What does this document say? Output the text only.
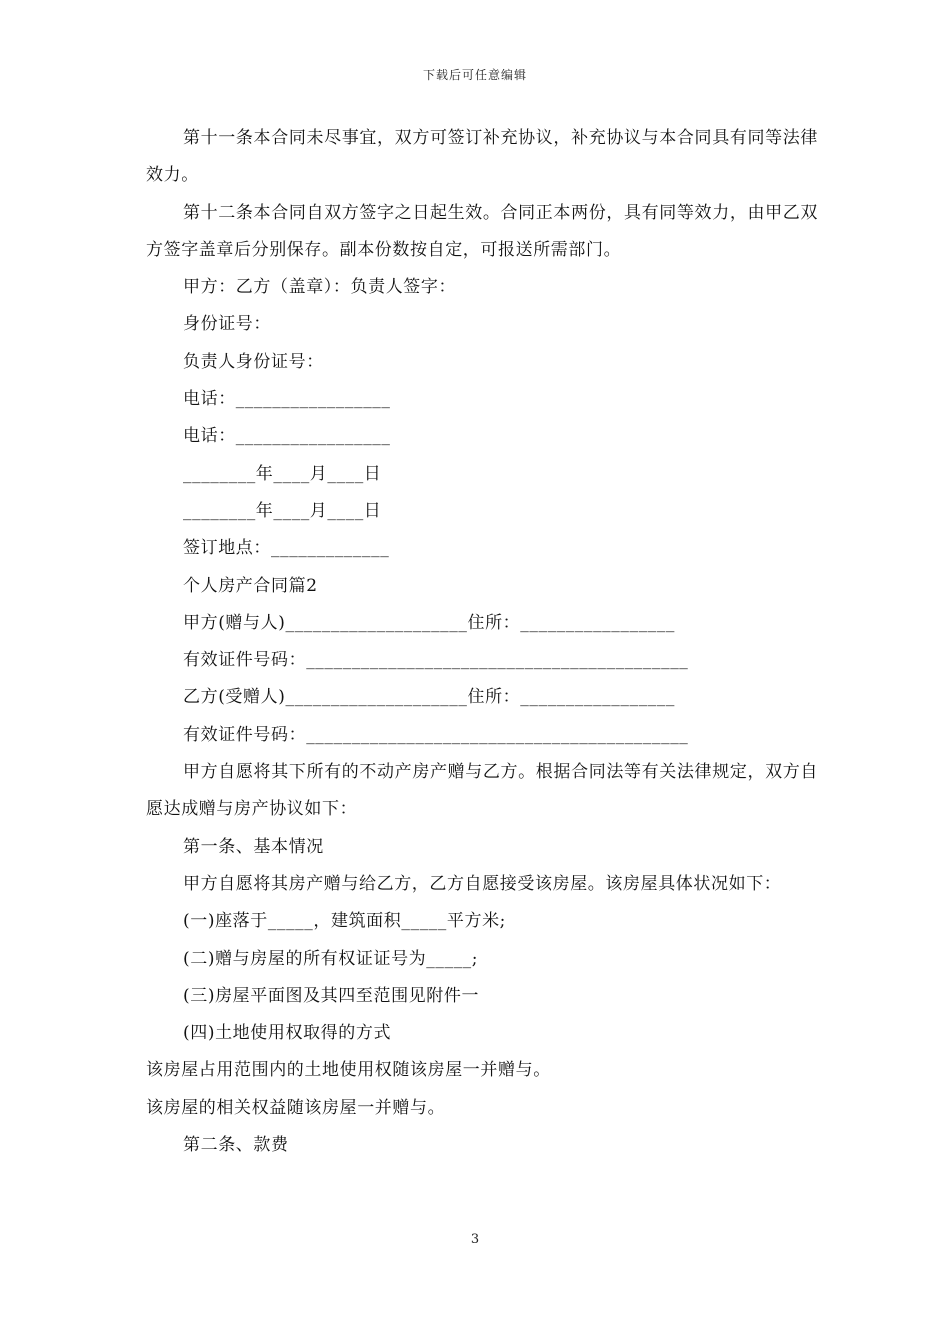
下载后可任意编辑

第十一条本合同未尽事宜，双方可签订补充协议，补充协议与本合同具有同等法律效力。

第十二条本合同自双方签字之日起生效。合同正本两份，具有同等效力，由甲乙双方签字盖章后分别保存。副本份数按自定，可报送所需部门。

甲方：乙方（盖章）：负责人签字：

身份证号：

负责人身份证号：

电话：_________________

电话：_________________

________年____月____日

________年____月____日

签订地点：_____________

个人房产合同篇2

甲方(赠与人)____________________住所：_________________

有效证件号码：__________________________________________

乙方(受赠人)____________________住所：_________________

有效证件号码：__________________________________________

甲方自愿将其下所有的不动产房产赠与乙方。根据合同法等有关法律规定，双方自愿达成赠与房产协议如下：

第一条、基本情况

甲方自愿将其房产赠与给乙方，乙方自愿接受该房屋。该房屋具体状况如下：

(一)座落于_____，建筑面积_____平方米;

(二)赠与房屋的所有权证证号为_____;

(三)房屋平面图及其四至范围见附件一

(四)土地使用权取得的方式

该房屋占用范围内的土地使用权随该房屋一并赠与。

该房屋的相关权益随该房屋一并赠与。

第二条、款费

3
